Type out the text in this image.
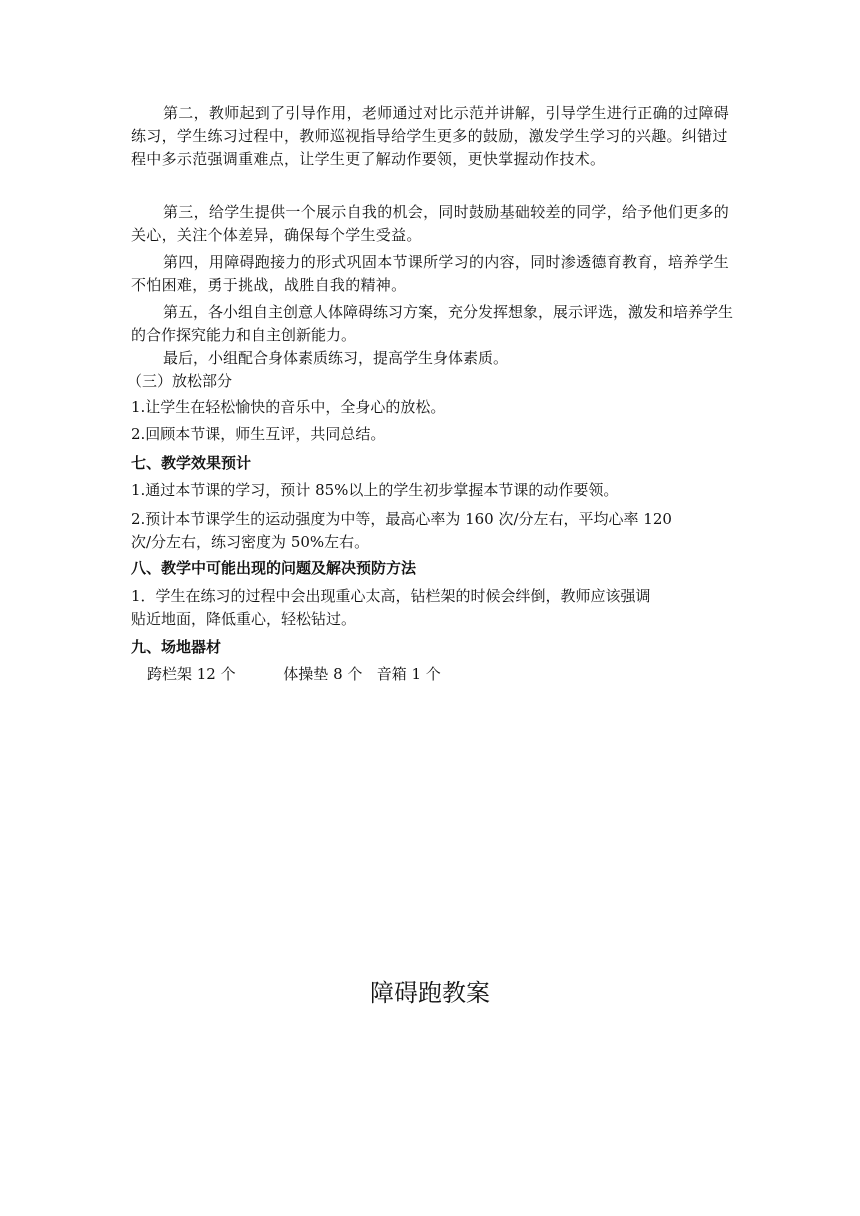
第二，教师起到了引导作用，老师通过对比示范并讲解，引导学生进行正确的过障碍练习，学生练习过程中，教师巡视指导给学生更多的鼓励，激发学生学习的兴趣。纠错过程中多示范强调重难点，让学生更了解动作要领，更快掌握动作技术。

第三，给学生提供一个展示自我的机会，同时鼓励基础较差的同学，给予他们更多的关心，关注个体差异，确保每个学生受益。

第四，用障碍跑接力的形式巩固本节课所学习的内容，同时渗透德育教育，培养学生不怕困难，勇于挑战，战胜自我的精神。

第五，各小组自主创意人体障碍练习方案，充分发挥想象，展示评选，激发和培养学生
的合作探究能力和自主创新能力。
最后，小组配合身体素质练习，提高学生身体素质。
（三）放松部分
1.让学生在轻松愉快的音乐中，全身心的放松。
2.回顾本节课，师生互评，共同总结。
七、教学效果预计
1.通过本节课的学习，预计 85%以上的学生初步掌握本节课的动作要领。
2.预计本节课学生的运动强度为中等，最高心率为 160 次/分左右，平均心率 120
次/分左右，练习密度为 50%左右。
八、教学中可能出现的问题及解决预防方法
1．学生在练习的过程中会出现重心太高，钻栏架的时候会绊倒，教师应该强调
贴近地面，降低重心，轻松钻过。
九、场地器材
跨栏架 12 个          体操垫 8 个   音箱 1 个
障碍跑教案
